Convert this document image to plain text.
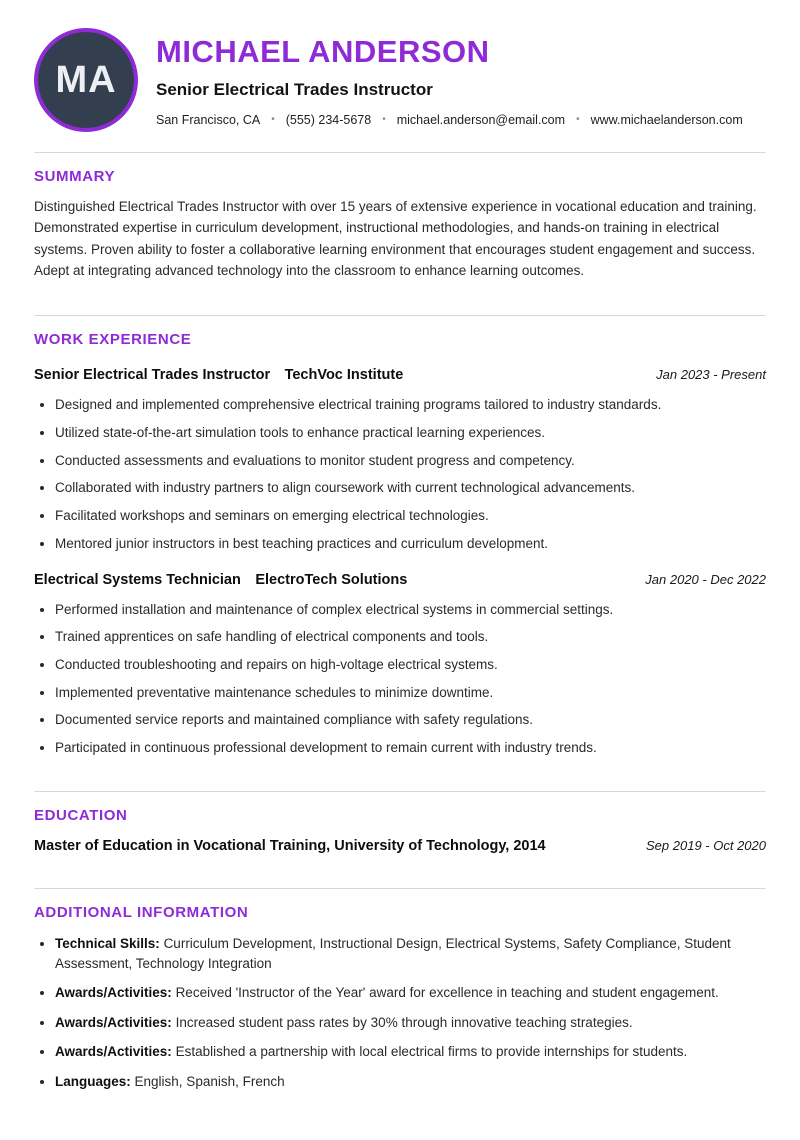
MA
MICHAEL ANDERSON
Senior Electrical Trades Instructor
San Francisco, CA • (555) 234-5678 • michael.anderson@email.com • www.michaelanderson.com
SUMMARY

Distinguished Electrical Trades Instructor with over 15 years of extensive experience in vocational education and training. Demonstrated expertise in curriculum development, instructional methodologies, and hands-on training in electrical systems. Proven ability to foster a collaborative learning environment that encourages student engagement and success. Adept at integrating advanced technology into the classroom to enhance learning outcomes.

WORK EXPERIENCE
Senior Electrical Trades Instructor TechVoc Institute	Jan 2023 - Present
• Designed and implemented comprehensive electrical training programs tailored to industry standards.
• Utilized state-of-the-art simulation tools to enhance practical learning experiences.
• Conducted assessments and evaluations to monitor student progress and competency.
• Collaborated with industry partners to align coursework with current technological advancements.
• Facilitated workshops and seminars on emerging electrical technologies.
• Mentored junior instructors in best teaching practices and curriculum development.
Electrical Systems Technician ElectroTech Solutions	Jan 2020 - Dec 2022
• Performed installation and maintenance of complex electrical systems in commercial settings.
• Trained apprentices on safe handling of electrical components and tools.
• Conducted troubleshooting and repairs on high-voltage electrical systems.
• Implemented preventative maintenance schedules to minimize downtime.
• Documented service reports and maintained compliance with safety regulations.
• Participated in continuous professional development to remain current with industry trends.
EDUCATION
Master of Education in Vocational Training, University of Technology, 2014	Sep 2019 - Oct 2020
ADDITIONAL INFORMATION
• Technical Skills: Curriculum Development, Instructional Design, Electrical Systems, Safety Compliance, Student Assessment, Technology Integration
• Awards/Activities: Received 'Instructor of the Year' award for excellence in teaching and student engagement.
• Awards/Activities: Increased student pass rates by 30% through innovative teaching strategies.
• Awards/Activities: Established a partnership with local electrical firms to provide internships for students.
• Languages: English, Spanish, French
